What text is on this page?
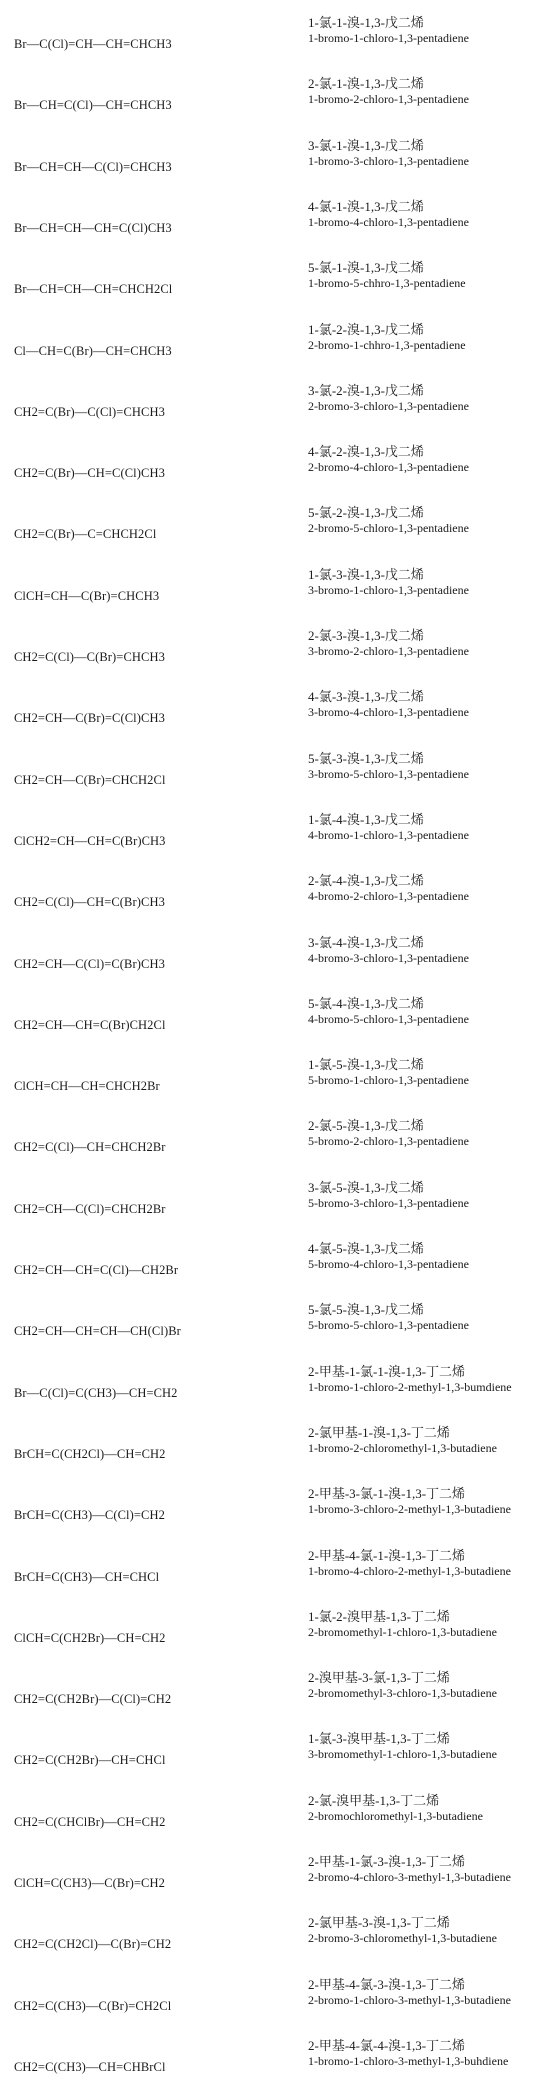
Br—C(Cl)=CH—CH=CHCH3
1-氯-1-溴-1,3-戊二烯
1-bromo-1-chloro-1,3-pentadiene
Br—CH=C(Cl)—CH=CHCH3
2-氯-1-溴-1,3-戊二烯
1-bromo-2-chloro-1,3-pentadiene
Br—CH=CH—C(Cl)=CHCH3
3-氯-1-溴-1,3-戊二烯
1-bromo-3-chloro-1,3-pentadiene
Br—CH=CH—CH=C(Cl)CH3
4-氯-1-溴-1,3-戊二烯
1-bromo-4-chloro-1,3-pentadiene
Br—CH=CH—CH=CHCH2Cl
5-氯-1-溴-1,3-戊二烯
1-bromo-5-chhro-1,3-pentadiene
Cl—CH=C(Br)—CH=CHCH3
1-氯-2-溴-1,3-戊二烯
2-bromo-1-chhro-1,3-pentadiene
CH2=C(Br)—C(Cl)=CHCH3
3-氯-2-溴-1,3-戊二烯
2-bromo-3-chloro-1,3-pentadiene
CH2=C(Br)—CH=C(Cl)CH3
4-氯-2-溴-1,3-戊二烯
2-bromo-4-chloro-1,3-pentadiene
CH2=C(Br)—C=CHCH2Cl
5-氯-2-溴-1,3-戊二烯
2-bromo-5-chloro-1,3-pentadiene
ClCH=CH—C(Br)=CHCH3
1-氯-3-溴-1,3-戊二烯
3-bromo-1-chloro-1,3-pentadiene
CH2=C(Cl)—C(Br)=CHCH3
2-氯-3-溴-1,3-戊二烯
3-bromo-2-chloro-1,3-pentadiene
CH2=CH—C(Br)=C(Cl)CH3
4-氯-3-溴-1,3-戊二烯
3-bromo-4-chloro-1,3-pentadiene
CH2=CH—C(Br)=CHCH2Cl
5-氯-3-溴-1,3-戊二烯
3-bromo-5-chloro-1,3-pentadiene
ClCH2=CH—CH=C(Br)CH3
1-氯-4-溴-1,3-戊二烯
4-bromo-1-chloro-1,3-pentadiene
CH2=C(Cl)—CH=C(Br)CH3
2-氯-4-溴-1,3-戊二烯
4-bromo-2-chloro-1,3-pentadiene
CH2=CH—C(Cl)=C(Br)CH3
3-氯-4-溴-1,3-戊二烯
4-bromo-3-chloro-1,3-pentadiene
CH2=CH—CH=C(Br)CH2Cl
5-氯-4-溴-1,3-戊二烯
4-bromo-5-chloro-1,3-pentadiene
ClCH=CH—CH=CHCH2Br
1-氯-5-溴-1,3-戊二烯
5-bromo-1-chloro-1,3-pentadiene
CH2=C(Cl)—CH=CHCH2Br
2-氯-5-溴-1,3-戊二烯
5-bromo-2-chloro-1,3-pentadiene
CH2=CH—C(Cl)=CHCH2Br
3-氯-5-溴-1,3-戊二烯
5-bromo-3-chloro-1,3-pentadiene
CH2=CH—CH=C(Cl)—CH2Br
4-氯-5-溴-1,3-戊二烯
5-bromo-4-chloro-1,3-pentadiene
CH2=CH—CH=CH—CH(Cl)Br
5-氯-5-溴-1,3-戊二烯
5-bromo-5-chloro-1,3-pentadiene
Br—C(Cl)=C(CH3)—CH=CH2
2-甲基-1-氯-1-溴-1,3-丁二烯
1-bromo-1-chloro-2-methyl-1,3-bumdiene
BrCH=C(CH2Cl)—CH=CH2
2-氯甲基-1-溴-1,3-丁二烯
1-bromo-2-chloromethyl-1,3-butadiene
BrCH=C(CH3)—C(Cl)=CH2
2-甲基-3-氯-1-溴-1,3-丁二烯
1-bromo-3-chloro-2-methyl-1,3-butadiene
BrCH=C(CH3)—CH=CHCl
2-甲基-4-氯-1-溴-1,3-丁二烯
1-bromo-4-chloro-2-methyl-1,3-butadiene
ClCH=C(CH2Br)—CH=CH2
1-氯-2-溴甲基-1,3-丁二烯
2-bromomethyl-1-chloro-1,3-butadiene
CH2=C(CH2Br)—C(Cl)=CH2
2-溴甲基-3-氯-1,3-丁二烯
2-bromomethyl-3-chloro-1,3-butadiene
CH2=C(CH2Br)—CH=CHCl
1-氯-3-溴甲基-1,3-丁二烯
3-bromomethyl-1-chloro-1,3-butadiene
CH2=C(CHClBr)—CH=CH2
2-氯-溴甲基-1,3-丁二烯
2-bromochloromethyl-1,3-butadiene
ClCH=C(CH3)—C(Br)=CH2
2-甲基-1-氯-3-溴-1,3-丁二烯
2-bromo-4-chloro-3-methyl-1,3-butadiene
CH2=C(CH2Cl)—C(Br)=CH2
2-氯甲基-3-溴-1,3-丁二烯
2-bromo-3-chloromethyl-1,3-butadiene
CH2=C(CH3)—C(Br)=CH2Cl
2-甲基-4-氯-3-溴-1,3-丁二烯
2-bromo-1-chloro-3-methyl-1,3-butadiene
CH2=C(CH3)—CH=CHBrCl
2-甲基-4-氯-4-溴-1,3-丁二烯
1-bromo-1-chloro-3-methyl-1,3-buhdiene
